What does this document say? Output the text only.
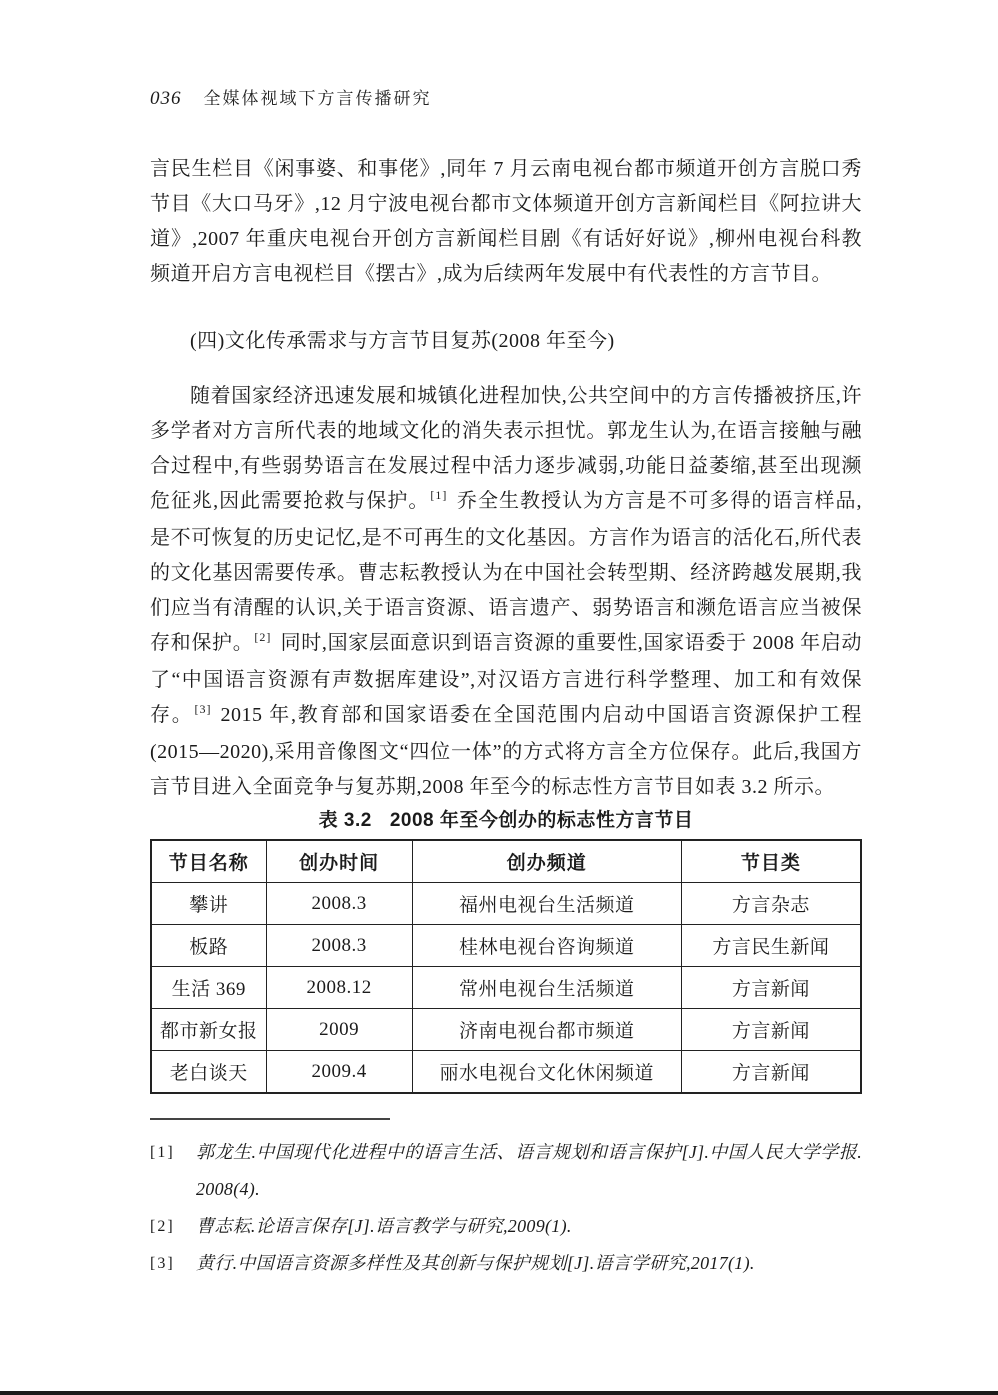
036 全媒体视域下方言传播研究

言民生栏目《闲事婆、和事佬》,同年 7 月云南电视台都市频道开创方言脱口秀节目《大口马牙》,12 月宁波电视台都市文体频道开创方言新闻栏目《阿拉讲大道》,2007 年重庆电视台开创方言新闻栏目剧《有话好好说》,柳州电视台科教频道开启方言电视栏目《摆古》,成为后续两年发展中有代表性的方言节目。

(四)文化传承需求与方言节目复苏(2008 年至今)

随着国家经济迅速发展和城镇化进程加快,公共空间中的方言传播被挤压,许多学者对方言所代表的地域文化的消失表示担忧。郭龙生认为,在语言接触与融合过程中,有些弱势语言在发展过程中活力逐步减弱,功能日益萎缩,甚至出现濒危征兆,因此需要抢救与保护。[1] 乔全生教授认为方言是不可多得的语言样品,是不可恢复的历史记忆,是不可再生的文化基因。方言作为语言的活化石,所代表的文化基因需要传承。曹志耘教授认为在中国社会转型期、经济跨越发展期,我们应当有清醒的认识,关于语言资源、语言遗产、弱势语言和濒危语言应当被保存和保护。[2] 同时,国家层面意识到语言资源的重要性,国家语委于 2008 年启动了“中国语言资源有声数据库建设”,对汉语方言进行科学整理、加工和有效保存。[3] 2015 年,教育部和国家语委在全国范围内启动中国语言资源保护工程(2015—2020),采用音像图文“四位一体”的方式将方言全方位保存。此后,我国方言节目进入全面竞争与复苏期,2008 年至今的标志性方言节目如表 3.2 所示。

表 3.2 2008 年至今创办的标志性方言节目
节目名称	创办时间	创办频道	节目类
攀讲	2008.3	福州电视台生活频道	方言杂志
板路	2008.3	桂林电视台咨询频道	方言民生新闻
生活 369	2008.12	常州电视台生活频道	方言新闻
都市新女报	2009	济南电视台都市频道	方言新闻
老白谈天	2009.4	丽水电视台文化休闲频道	方言新闻
[1]	郭龙生.中国现代化进程中的语言生活、语言规划和语言保护[J].中国人民大学学报. 2008(4).
[2]	曹志耘.论语言保存[J].语言教学与研究,2009(1).
[3]	黄行.中国语言资源多样性及其创新与保护规划[J].语言学研究,2017(1).
